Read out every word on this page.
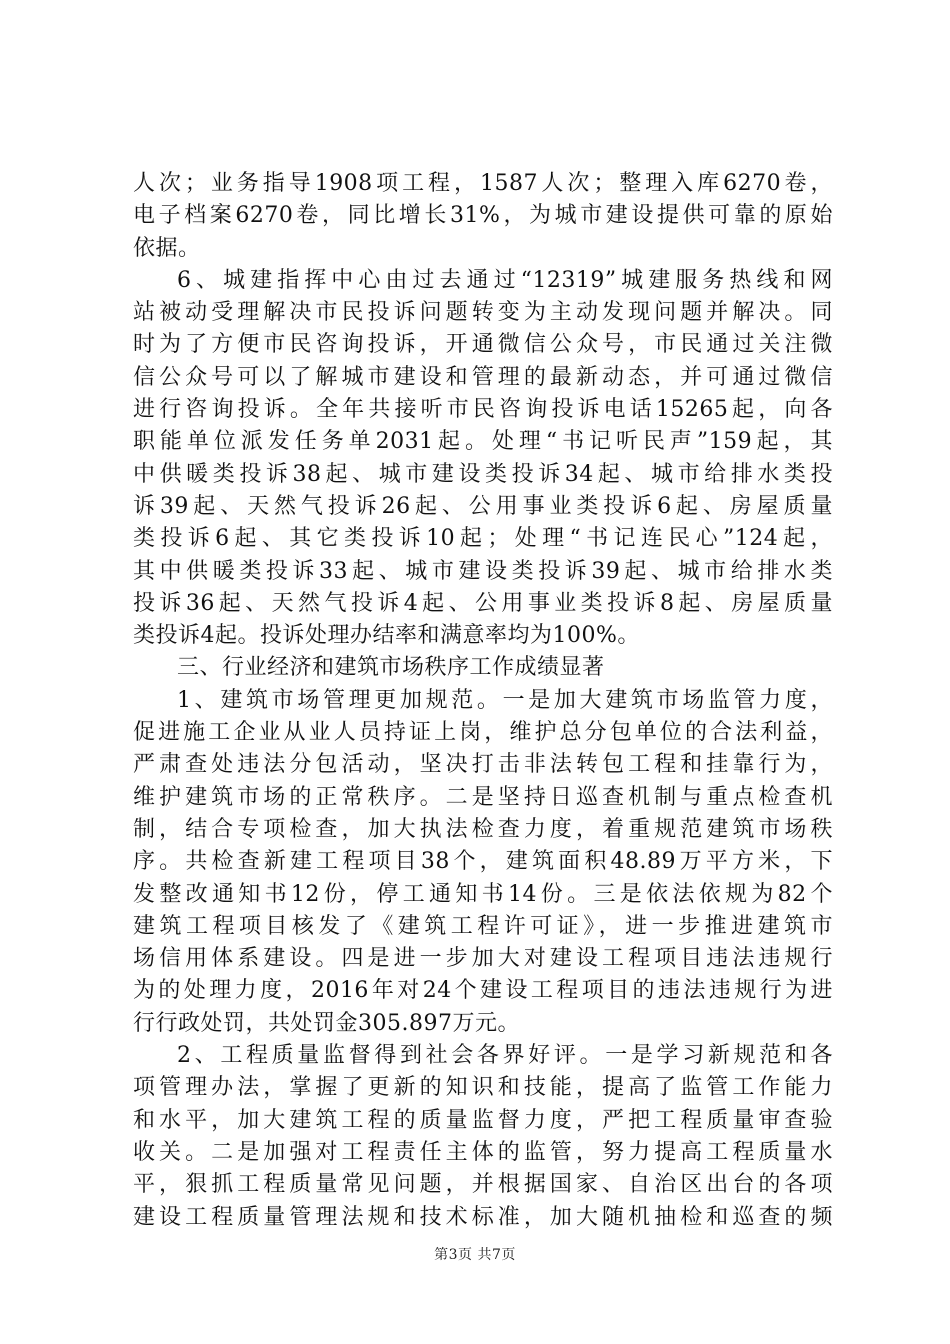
人次；业务指导1908项工程，1587人次；整理入库6270卷，
电子档案6270卷，同比增长31%，为城市建设提供可靠的原始
依据。
6、城建指挥中心由过去通过“12319”城建服务热线和网
站被动受理解决市民投诉问题转变为主动发现问题并解决。同
时为了方便市民咨询投诉，开通微信公众号，市民通过关注微
信公众号可以了解城市建设和管理的最新动态，并可通过微信
进行咨询投诉。全年共接听市民咨询投诉电话15265起，向各
职能单位派发任务单2031起。处理“书记听民声”159起，其
中供暖类投诉38起、城市建设类投诉34起、城市给排水类投
诉39起、天然气投诉26起、公用事业类投诉6起、房屋质量
类投诉6起、其它类投诉10起；处理“书记连民心”124起，
其中供暖类投诉33起、城市建设类投诉39起、城市给排水类
投诉36起、天然气投诉4起、公用事业类投诉8起、房屋质量
类投诉4起。投诉处理办结率和满意率均为100%。
三、行业经济和建筑市场秩序工作成绩显著
1、建筑市场管理更加规范。一是加大建筑市场监管力度，
促进施工企业从业人员持证上岗，维护总分包单位的合法利益，
严肃查处违法分包活动，坚决打击非法转包工程和挂靠行为，
维护建筑市场的正常秩序。二是坚持日巡查机制与重点检查机
制，结合专项检查，加大执法检查力度，着重规范建筑市场秩
序。共检查新建工程项目38个，建筑面积48.89万平方米，下
发整改通知书12份，停工通知书14份。三是依法依规为82个
建筑工程项目核发了《建筑工程许可证》，进一步推进建筑市
场信用体系建设。四是进一步加大对建设工程项目违法违规行
为的处理力度，2016年对24个建设工程项目的违法违规行为进
行行政处罚，共处罚金305.897万元。
2、工程质量监督得到社会各界好评。一是学习新规范和各
项管理办法，掌握了更新的知识和技能，提高了监管工作能力
和水平，加大建筑工程的质量监督力度，严把工程质量审查验
收关。二是加强对工程责任主体的监管，努力提高工程质量水
平，狠抓工程质量常见问题，并根据国家、自治区出台的各项
建设工程质量管理法规和技术标准，加大随机抽检和巡查的频
第3页 共7页
